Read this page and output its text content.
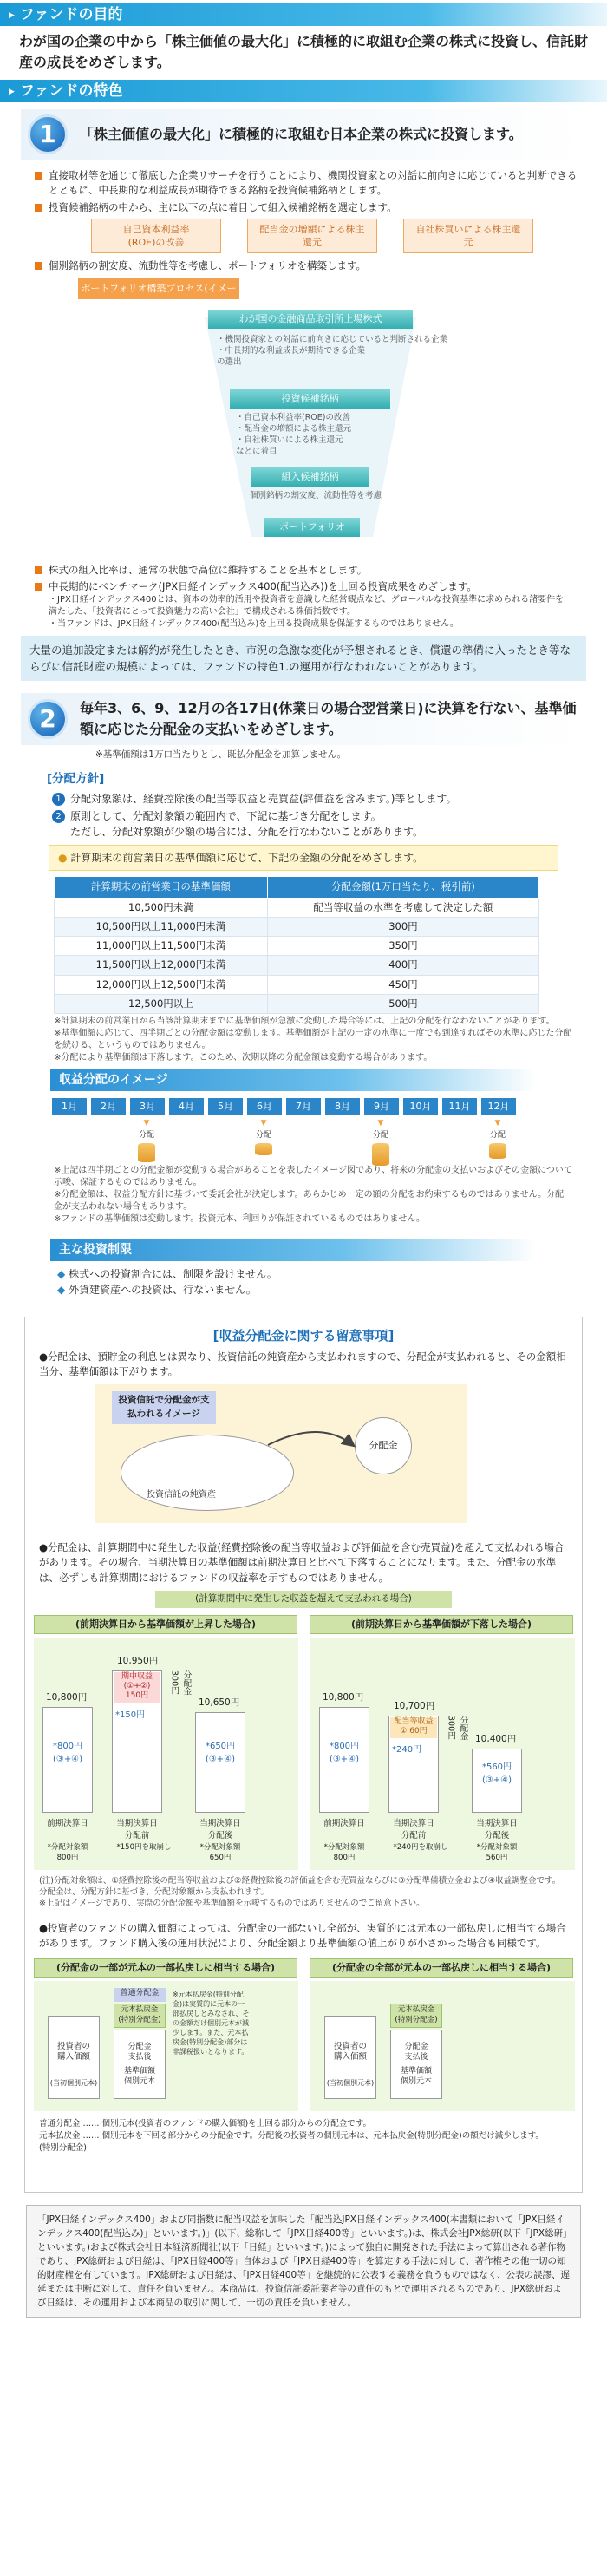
▶ ファンドの目的
わが国の企業の中から「株主価値の最大化」に積極的に取組む企業の株式に投資し、信託財産の成長をめざします。
▶ ファンドの特色
1	「株主価値の最大化」に積極的に取組む日本企業の株式に投資します。
直接取材等を通じて徹底した企業リサーチを行うことにより、機関投資家との対話に前向きに応じていると判断できるとともに、中長期的な利益成長が期待できる銘柄を投資候補銘柄とします。
投資候補銘柄の中から、主に以下の点に着目して組入候補銘柄を選定します。
自己資本利益率
(ROE)の改善
配当金の増額による株主還元
自社株買いによる株主還元
個別銘柄の割安度、流動性等を考慮し、ポートフォリオを構築します。
ポートフォリオ構築プロセス(イメージ)
わが国の金融商品取引所上場株式
・機関投資家との対話に前向きに応じていると判断される企業
・中長期的な利益成長が期待できる企業
の選出
投資候補銘柄
・自己資本利益率(ROE)の改善
・配当金の増額による株主還元
・自社株買いによる株主還元
などに着目
組入候補銘柄
個別銘柄の割安度、流動性等を考慮
ポートフォリオ
株式の組入比率は、通常の状態で高位に維持することを基本とします。
中長期的にベンチマーク(JPX日経インデックス400(配当込み))を上回る投資成果をめざします。
・JPX日経インデックス400とは、資本の効率的活用や投資者を意識した経営観点など、グローバルな投資基準に求められる諸要件を満たした、「投資者にとって投資魅力の高い会社」で構成される株価指数です。
・当ファンドは、JPX日経インデックス400(配当込み)を上回る投資成果を保証するものではありません。
大量の追加設定または解約が発生したとき、市況の急激な変化が予想されるとき、償還の準備に入ったとき等ならびに信託財産の規模によっては、ファンドの特色1.の運用が行なわれないことがあります。
2	毎年3、6、9、12月の各17日(休業日の場合翌営業日)に決算を行ない、基準価額に応じた分配金の支払いをめざします。
※基準価額は1万口当たりとし、既払分配金を加算しません。
[分配方針]
1 分配対象額は、経費控除後の配当等収益と売買益(評価益を含みます。)等とします。
2 原則として、分配対象額の範囲内で、下記に基づき分配をします。
ただし、分配対象額が少額の場合には、分配を行なわないことがあります。
● 計算期末の前営業日の基準価額に応じて、下記の金額の分配をめざします。
計算期末の前営業日の基準価額	分配金額(1万口当たり、税引前)
10,500円未満	配当等収益の水準を考慮して決定した額
10,500円以上11,000円未満	300円
11,000円以上11,500円未満	350円
11,500円以上12,000円未満	400円
12,000円以上12,500円未満	450円
12,500円以上	500円
※計算期末の前営業日から当該計算期末までに基準価額が急激に変動した場合等には、上記の分配を行なわないことがあります。
※基準価額に応じて、四半期ごとの分配金額は変動します。基準価額が上記の一定の水準に一度でも到達すればその水準に応じた分配を続ける、というものではありません。
※分配により基準価額は下落します。このため、次期以降の分配金額は変動する場合があります。
収益分配のイメージ
1月	2月	3月	4月	5月	6月	7月	8月	9月	10月	11月	12月
▼
分配
▼
分配
▼
分配
▼
分配
※上記は四半期ごとの分配金額が変動する場合があることを表したイメージ図であり、将来の分配金の支払いおよびその金額について示唆、保証するものではありません。
※分配金額は、収益分配方針に基づいて委託会社が決定します。あらかじめ一定の額の分配をお約束するものではありません。分配金が支払われない場合もあります。
※ファンドの基準価額は変動します。投資元本、利回りが保証されているものではありません。
主な投資制限
◆ 株式への投資割合には、制限を設けません。
◆ 外貨建資産への投資は、行ないません。
[収益分配金に関する留意事項]
●分配金は、預貯金の利息とは異なり、投資信託の純資産から支払われますので、分配金が支払われると、その金額相当分、基準価額は下がります。
投資信託で分配金が支払われるイメージ
投資信託の純資産
分配金
●分配金は、計算期間中に発生した収益(経費控除後の配当等収益および評価益を含む売買益)を超えて支払われる場合があります。その場合、当期決算日の基準価額は前期決算日と比べて下落することになります。また、分配金の水準は、必ずしも計算期間におけるファンドの収益率を示すものではありません。
(計算期間中に発生した収益を超えて支払われる場合)
(前期決算日から基準価額が上昇した場合)	(前期決算日から基準価額が下落した場合)
10,800円
*800円
(③+④)
10,950円
期中収益
(①+②)
150円
*150円
分配金
300円
10,650円
*650円
(③+④)
前期決算日	当期決算日
分配前
当期決算日
分配後
*分配対象額
800円
*150円を取崩し	*分配対象額
650円
10,800円
*800円
(③+④)
10,700円
配当等収益
① 60円
*240円
分配金
300円	10,400円
*560円
(③+④)
前期決算日	当期決算日
分配前
当期決算日
分配後
*分配対象額
800円
*240円を取崩し	*分配対象額
560円
(注)分配対象額は、①経費控除後の配当等収益および②経費控除後の評価益を含む売買益ならびに③分配準備積立金および④収益調整金です。分配金は、分配方針に基づき、分配対象額から支払われます。
※上記はイメージであり、実際の分配金額や基準価額を示唆するものではありませんのでご留意下さい。
●投資者のファンドの購入価額によっては、分配金の一部ないし全部が、実質的には元本の一部払戻しに相当する場合があります。ファンド購入後の運用状況により、分配金額より基準価額の値上がりが小さかった場合も同様です。
(分配金の一部が元本の一部払戻しに相当する場合)	(分配金の全部が元本の一部払戻しに相当する場合)
投資者の
購入価額
(当初個別元本)
普通分配金
元本払戻金
(特別分配金)
分配金
支払後
基準価額
個別元本
※元本払戻金(特別分配金)は実質的に元本の一部払戻しとみなされ、その金額だけ個別元本が減少します。また、元本払戻金(特別分配金)部分は非課税扱いとなります。
投資者の
購入価額
(当初個別元本)
元本払戻金
(特別分配金)
分配金
支払後
基準価額
個別元本
普通分配金 …… 個別元本(投資者のファンドの購入価額)を上回る部分からの分配金です。
元本払戻金 …… 個別元本を下回る部分からの分配金です。分配後の投資者の個別元本は、元本払戻金(特別分配金)の額だけ減少します。
(特別分配金)
「JPX日経インデックス400」および同指数に配当収益を加味した「配当込JPX日経インデックス400(本書類において「JPX日経インデックス400(配当込み)」といいます。)」(以下、総称して「JPX日経400等」といいます。)は、株式会社JPX総研(以下「JPX総研」といいます。)および株式会社日本経済新聞社(以下「日経」といいます。)によって独自に開発された手法によって算出される著作物であり、JPX総研および日経は、「JPX日経400等」自体および「JPX日経400等」を算定する手法に対して、著作権その他一切の知的財産権を有しています。JPX総研および日経は、「JPX日経400等」を継続的に公表する義務を負うものではなく、公表の誤謬、遅延または中断に対して、責任を負いません。本商品は、投資信託委託業者等の責任のもとで運用されるものであり、JPX総研および日経は、その運用および本商品の取引に関して、一切の責任を負いません。
